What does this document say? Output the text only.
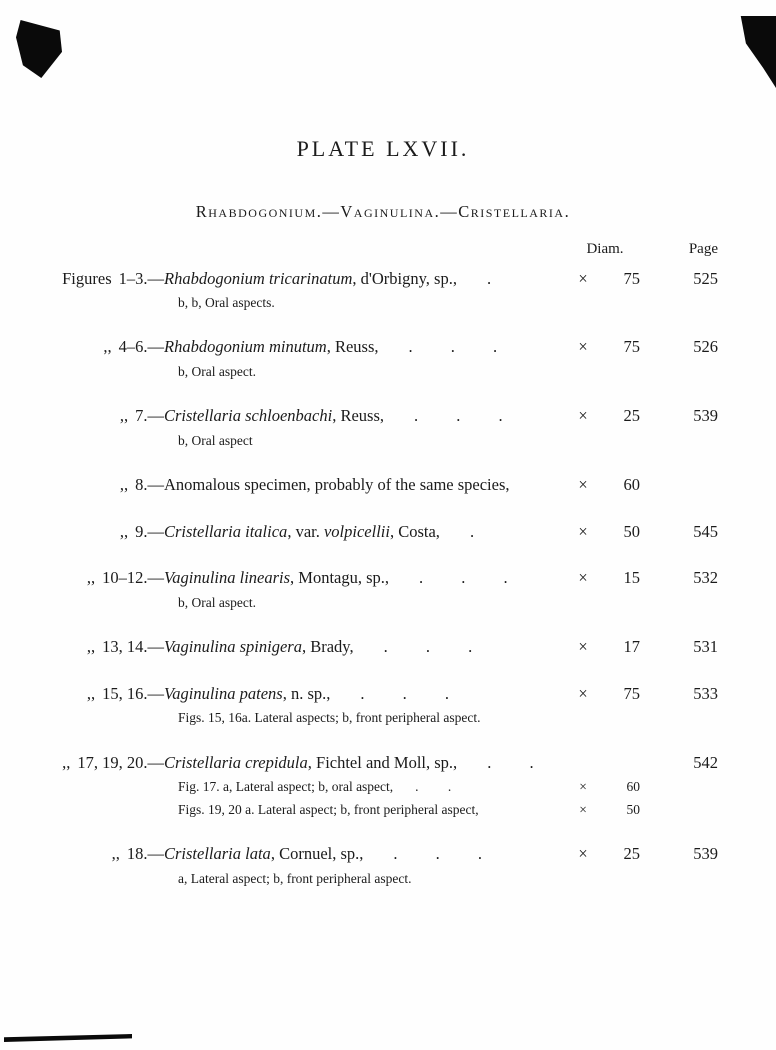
PLATE LXVII.
Rhabdogonium.—Vaginulina.—Cristellaria.
Diam.	Page
Figures 1–3.— Rhabdogonium tricarinatum, d'Orbigny, sp., .	×	75	525
b, b, Oral aspects.
,, 4–6.— Rhabdogonium minutum, Reuss, . . .	×	75	526
b, Oral aspect.
,, 7.— Cristellaria schloenbachi, Reuss, . . .	×	25	539
b, Oral aspect
,, 8.— Anomalous specimen, probably of the same species,	×	60
,, 9.— Cristellaria italica, var. volpicellii, Costa, .	×	50	545
,, 10–12.— Vaginulina linearis, Montagu, sp., . . .	×	15	532
b, Oral aspect.
,, 13, 14.— Vaginulina spinigera, Brady, . . .	×	17	531
,, 15, 16.— Vaginulina patens, n. sp., . . .	×	75	533
Figs. 15, 16a. Lateral aspects; b, front peripheral aspect.
,, 17, 19, 20.— Cristellaria crepidula, Fichtel and Moll, sp., . .	542
Fig. 17. a, Lateral aspect; b, oral aspect, . .	×	60
Figs. 19, 20 a. Lateral aspect; b, front peripheral aspect,	×	50
,, 18.— Cristellaria lata, Cornuel, sp., . . .	×	25	539
a, Lateral aspect; b, front peripheral aspect.
